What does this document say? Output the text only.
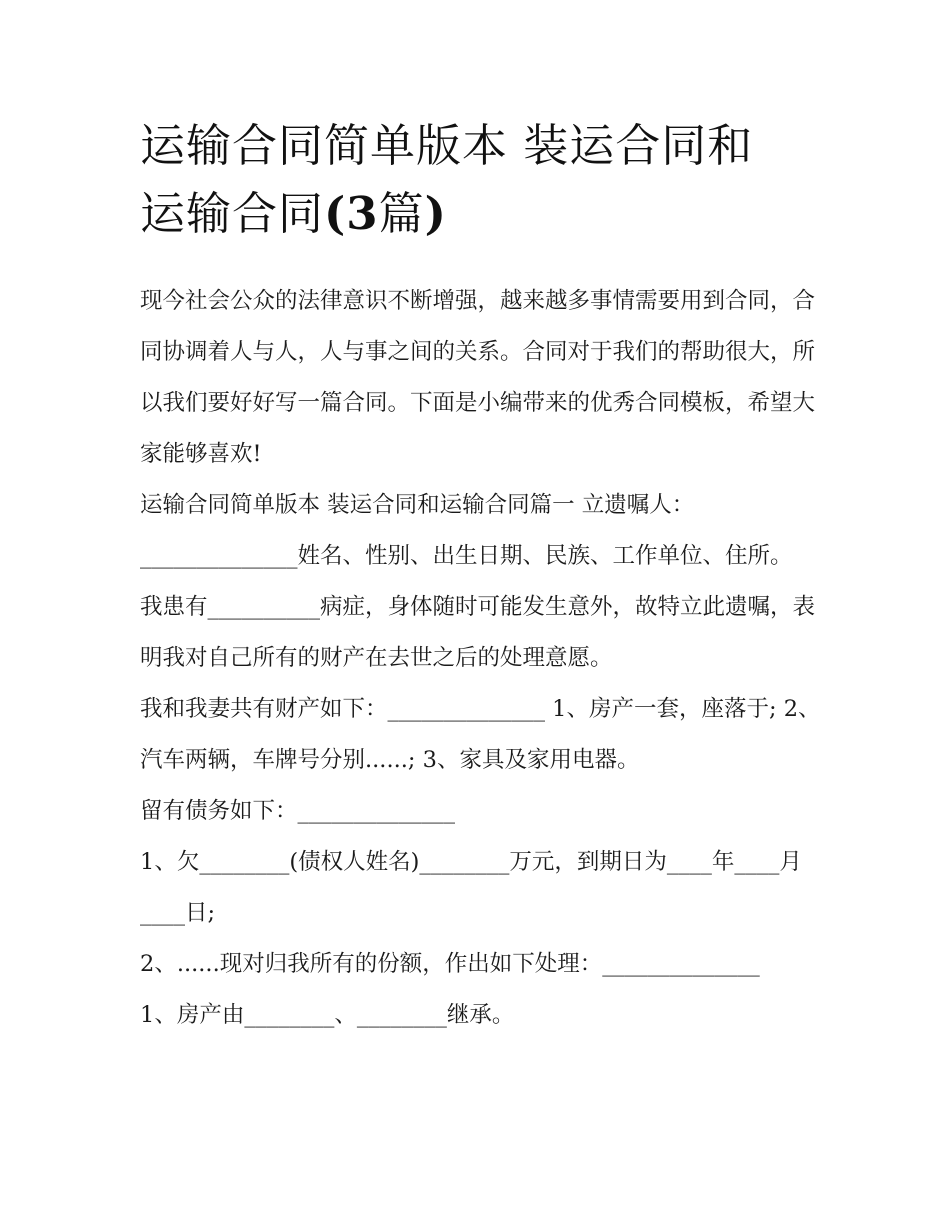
运输合同简单版本 装运合同和
运输合同(3篇)

现今社会公众的法律意识不断增强，越来越多事情需要用到合同，合同协调着人与人，人与事之间的关系。合同对于我们的帮助很大，所以我们要好好写一篇合同。下面是小编带来的优秀合同模板，希望大家能够喜欢!

运输合同简单版本 装运合同和运输合同篇一 立遗嘱人：

______________姓名、性别、出生日期、民族、工作单位、住所。

我患有__________病症，身体随时可能发生意外，故特立此遗嘱，表明我对自己所有的财产在去世之后的处理意愿。

我和我妻共有财产如下：______________ 1、房产一套，座落于; 2、汽车两辆，车牌号分别......; 3、家具及家用电器。

留有债务如下：______________

1、欠________(债权人姓名)________万元，到期日为____年____月____日;

2、......现对归我所有的份额，作出如下处理：______________

1、房产由________、________继承。
